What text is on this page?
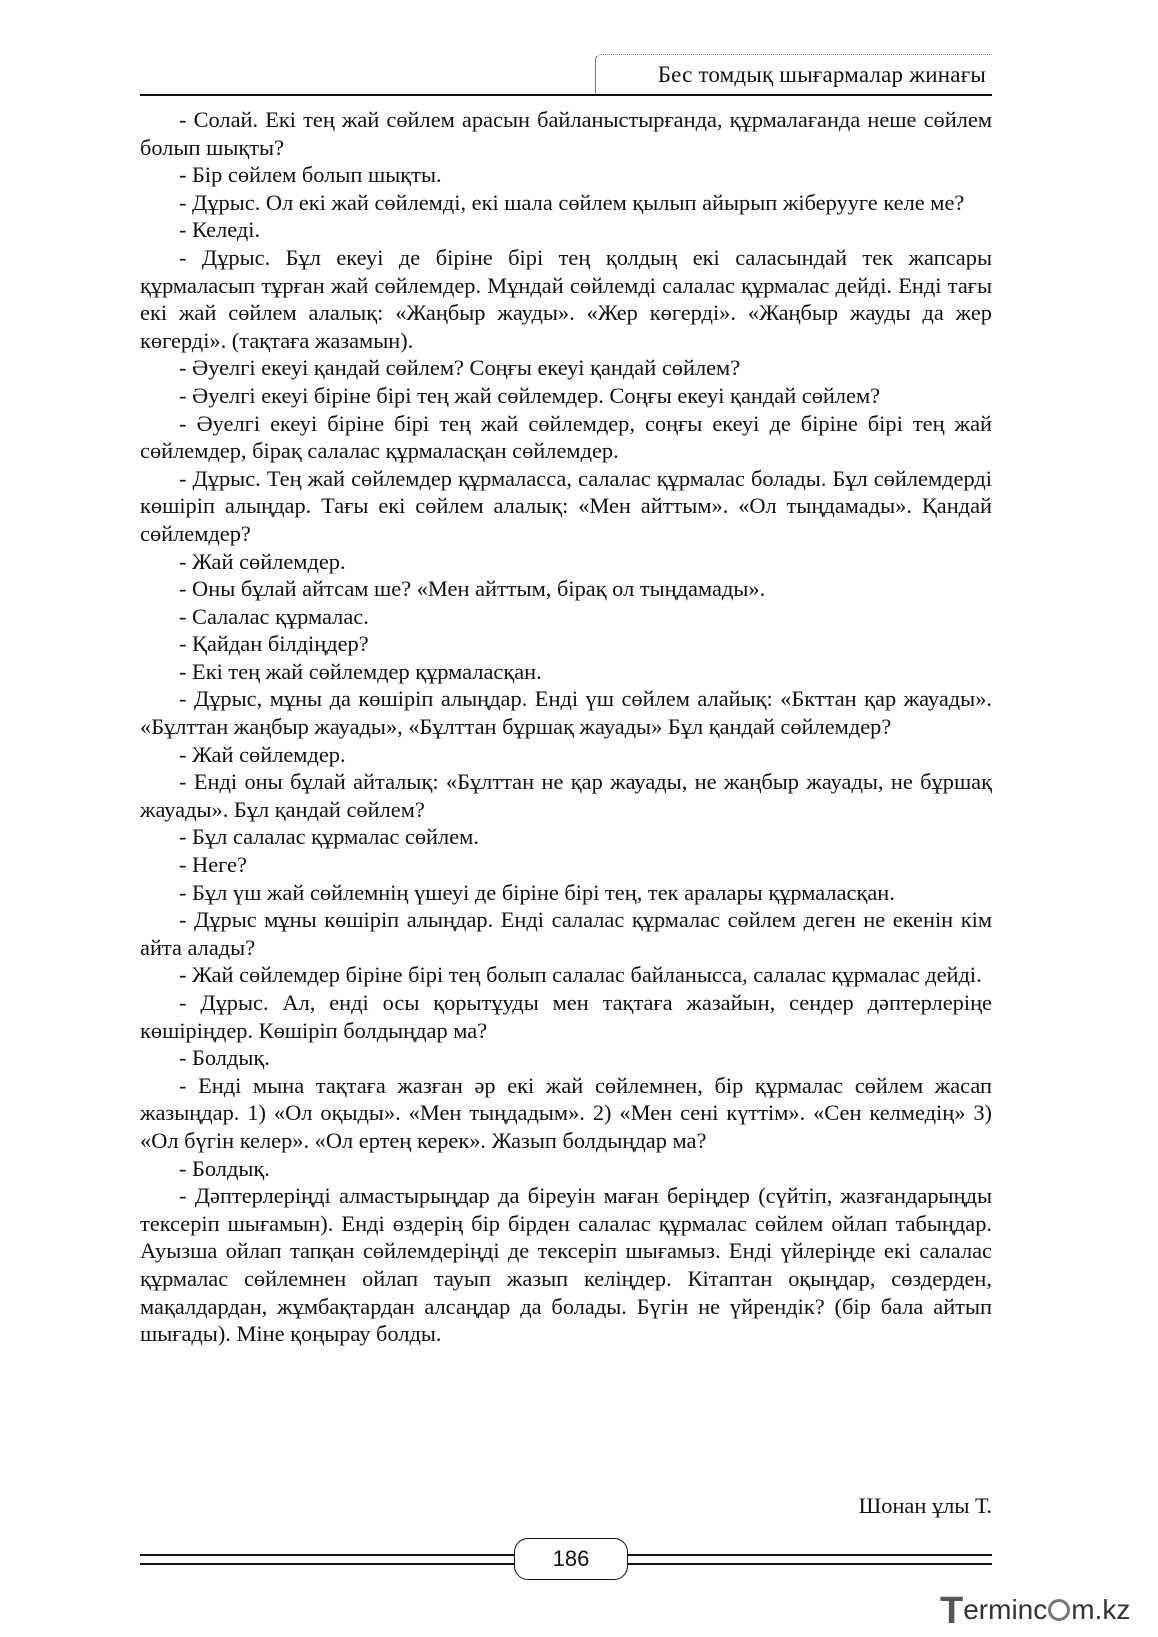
Бес томдық шығармалар жинағы

- Солай. Екі тең жай сөйлем арасын байланыстырғанда, құрмалағанда неше сөйлем болып шықты?

- Бір сөйлем болып шықты.

- Дұрыс. Ол екі жай сөйлемді, екі шала сөйлем қылып айырып жіберууге келе ме?

- Келеді.

- Дұрыс. Бұл екеуі де біріне бірі тең қолдың екі саласындай тек жапсары құрмаласып тұрған жай сөйлемдер. Мұндай сөйлемді салалас құрмалас дейді. Енді тағы екі жай сөйлем алалық: «Жаңбыр жауды». «Жер көгерді». «Жаңбыр жауды да жер көгерді». (тақтаға жазамын).

- Әуелгі екеуі қандай сөйлем? Соңғы екеуі қандай сөйлем?

- Әуелгі екеуі біріне бірі тең жай сөйлемдер. Соңғы екеуі қандай сөйлем?

- Әуелгі екеуі біріне бірі тең жай сөйлемдер, соңғы екеуі де біріне бірі тең жай сөйлемдер, бірақ салалас құрмаласқан сөйлемдер.

- Дұрыс. Тең жай сөйлемдер құрмаласса, салалас құрмалас болады. Бұл сөйлемдерді көшіріп алыңдар. Тағы екі сөйлем алалық: «Мен айттым». «Ол тыңдамады». Қандай сөйлемдер?

- Жай сөйлемдер.

- Оны бұлай айтсам ше? «Мен айттым, бірақ ол тыңдамады».

- Салалас құрмалас.

- Қайдан білдіңдер?

- Екі тең жай сөйлемдер құрмаласқан.

- Дұрыс, мұны да көшіріп алыңдар. Енді үш сөйлем алайық: «Бкттан қар жауады». «Бұлттан жаңбыр жауады», «Бұлттан бұршақ жауады» Бұл қандай сөйлемдер?

- Жай сөйлемдер.

- Енді оны бұлай айталық: «Бұлттан не қар жауады, не жаңбыр жауады, не бұршақ жауады». Бұл қандай сөйлем?

- Бұл салалас құрмалас сөйлем.

- Неге?

- Бұл үш жай сөйлемнің үшеуі де біріне бірі тең, тек аралары құрмаласқан.

- Дұрыс мұны көшіріп алыңдар. Енді салалас құрмалас сөйлем деген не екенін кім айта алады?

- Жай сөйлемдер біріне бірі тең болып салалас байланысса, салалас құрмалас дейді.

- Дұрыс. Ал, енді осы қорытұуды мен тақтаға жазайын, сендер дәптерлеріңе көшіріңдер. Көшіріп болдыңдар ма?

- Болдық.

- Енді мына тақтаға жазған әр екі жай сөйлемнен, бір құрмалас сөйлем жасап жазыңдар. 1) «Ол оқыды». «Мен тыңдадым». 2) «Мен сені күттім». «Сен келмедің» 3) «Ол бүгін келер». «Ол ертең керек». Жазып болдыңдар ма?

- Болдық.

- Дәптерлеріңді алмастырыңдар да біреуін маған беріңдер (сүйтіп, жазғандарыңды тексеріп шығамын). Енді өздерің бір бірден салалас құрмалас сөйлем ойлап табыңдар. Ауызша ойлап тапқан сөйлемдеріңді де тексеріп шығамыз. Енді үйлеріңде екі салалас құрмалас сөйлемнен ойлап тауып жазып келіңдер. Кітаптан оқыңдар, сөздерден, мақалдардан, жұмбақтардан алсаңдар да болады. Бүгін не үйрендік? (бір бала айтып шығады). Міне қоңырау болды.

Шонан ұлы Т.
186
Terminc m.kz
